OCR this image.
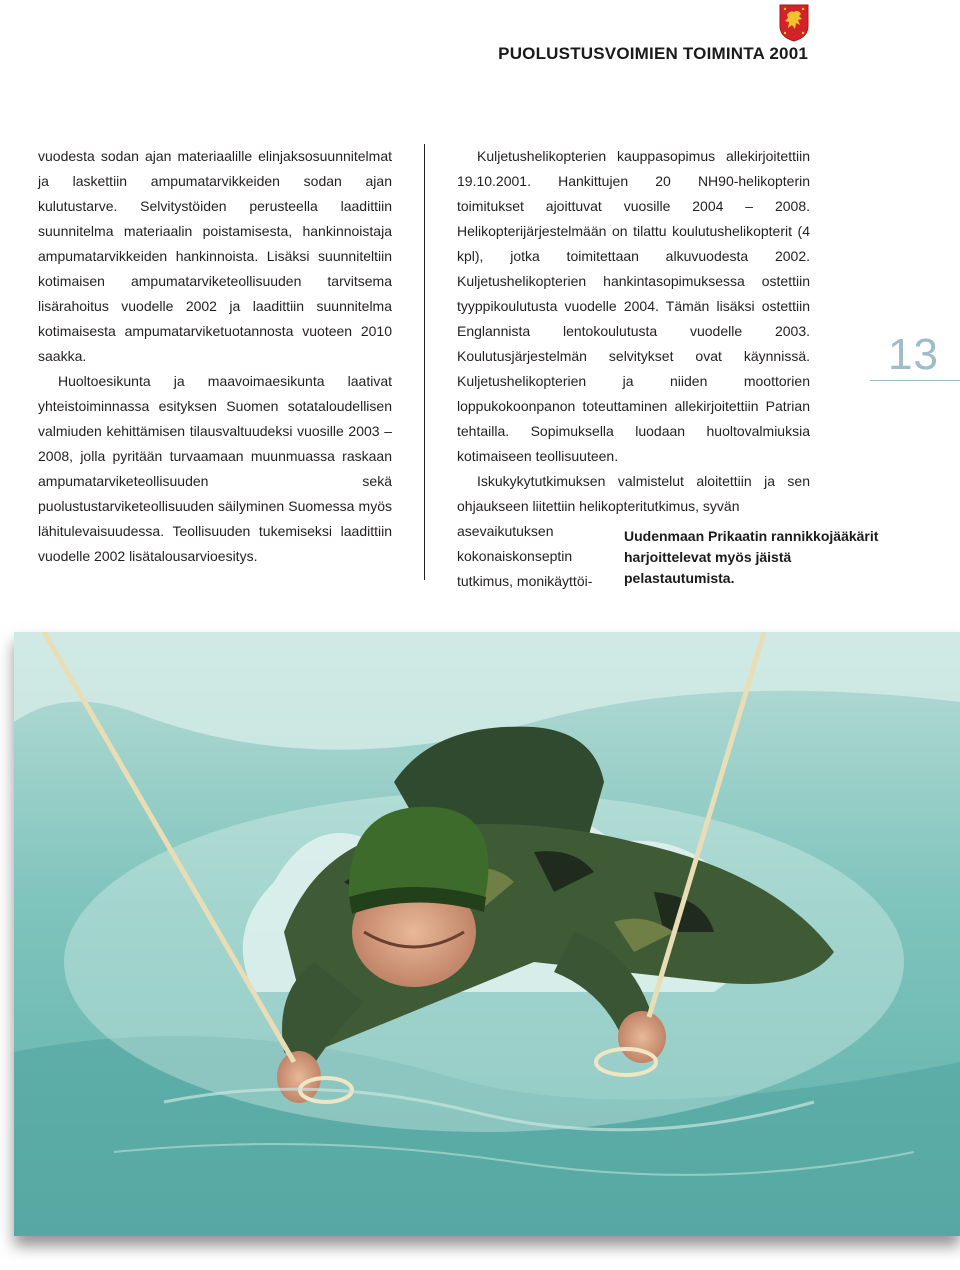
PUOLUSTUSVOIMIEN TOIMINTA 2001

vuodesta sodan ajan materiaalille elinjaksosuunnitelmat ja laskettiin ampumatarvikkeiden sodan ajan kulutustarve. Selvitystöiden perusteella laadittiin suunnitelma materiaalin poistamisesta, hankinnoistaja ampumatarvikkeiden hankinnoista. Lisäksi suunniteltiin kotimaisen ampumatarviketeollisuuden tarvitsema lisärahoitus vuodelle 2002 ja laadittiin suunnitelma kotimaisesta ampumatarviketuotannosta vuoteen 2010 saakka.

Huoltoesikunta ja maavoimaesikunta laativat yhteistoiminnassa esityksen Suomen sotataloudellisen valmiuden kehittämisen tilausvaltuudeksi vuosille 2003 – 2008, jolla pyritään turvaamaan muunmuassa raskaan ampumatarviketeollisuuden sekä puolustustarviketeollisuuden säilyminen Suomessa myös lähitulevaisuudessa. Teollisuuden tukemiseksi laadittiin vuodelle 2002 lisätalousarvioesitys.

Kuljetushelikopterien kauppasopimus allekirjoitettiin 19.10.2001. Hankittujen 20 NH90-helikopterin toimitukset ajoittuvat vuosille 2004 – 2008. Helikopterijärjestelmään on tilattu koulutushelikopterit (4 kpl), jotka toimitettaan alkuvuodesta 2002. Kuljetushelikopterien hankintasopimuksessa ostettiin tyyppikoulutusta vuodelle 2004. Tämän lisäksi ostettiin Englannista lentokoulutusta vuodelle 2003. Koulutusjärjestelmän selvitykset ovat käynnissä. Kuljetushelikopterien ja niiden moottorien loppukokoonpanon toteuttaminen allekirjoitettiin Patrian tehtailla. Sopimuksella luodaan huoltovalmiuksia kotimaiseen teollisuuteen.

Iskukykytutkimuksen valmistelut aloitettiin ja sen ohjaukseen liitettiin helikopteritutkimus, syvän

asevaikutuksen kokonaiskonseptin tutkimus, monikäyttöi-

Uudenmaan Prikaatin rannikkojääkärit harjoittelevat myös jäistä pelastautumista.
13
